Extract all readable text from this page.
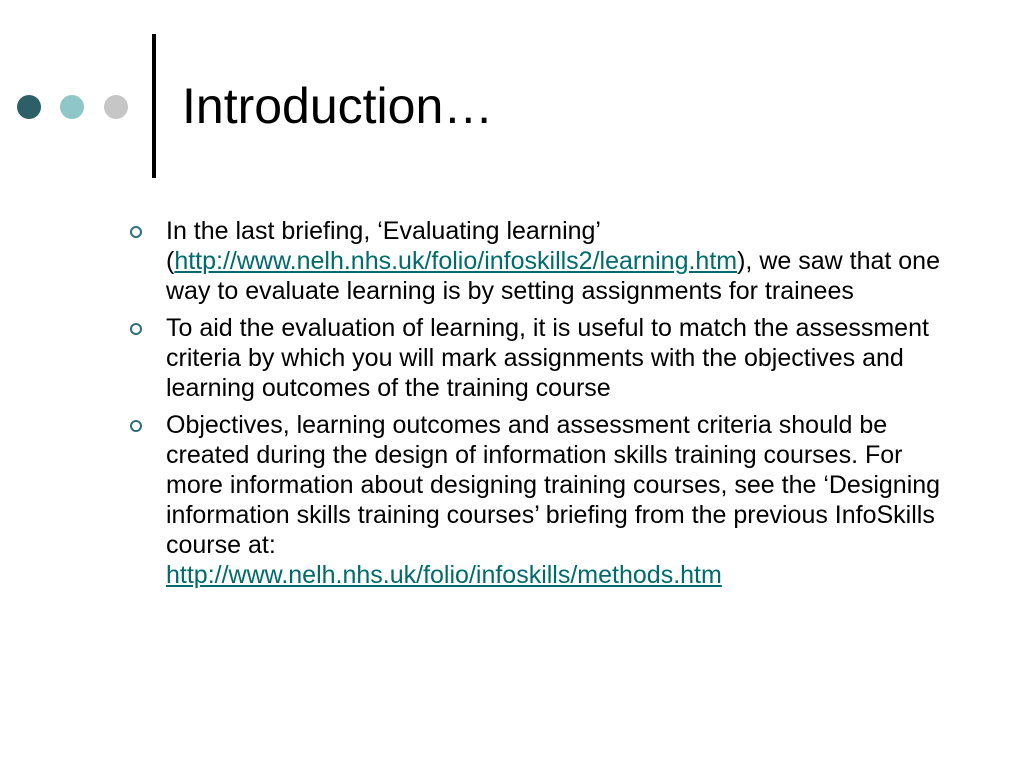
Introduction…
In the last briefing, ‘Evaluating learning’ (http://www.nelh.nhs.uk/folio/infoskills2/learning.htm), we saw that one way to evaluate learning is by setting assignments for trainees
To aid the evaluation of learning, it is useful to match the assessment criteria by which you will mark assignments with the objectives and learning outcomes of the training course
Objectives, learning outcomes and assessment criteria should be created during the design of information skills training courses. For more information about designing training courses, see the ‘Designing information skills training courses’ briefing from the previous InfoSkills course at:
http://www.nelh.nhs.uk/folio/infoskills/methods.htm
